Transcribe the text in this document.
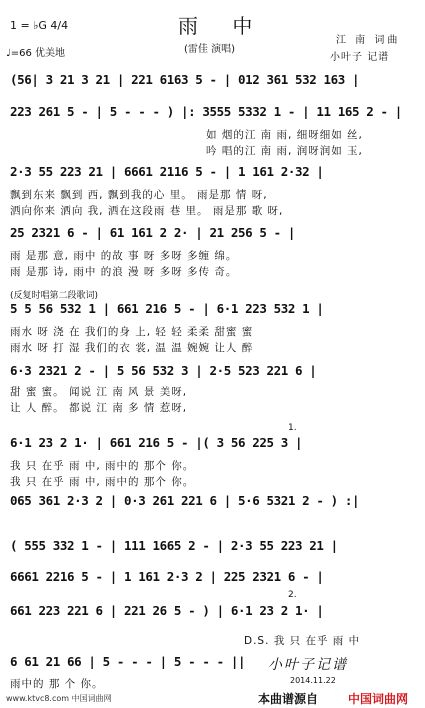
雨 中
(雷佳 演唱)
1 = ♭G 4/4
♩=66 优美地
江 南 词曲
小叶子 记谱
(56| 3 21 3 21 | 221 6163 5 - | 012 361 532 163 |
223 261 5 - | 5 - - - ) |: 3555 5332 1 - | 11 165 2 - |
2·3 55 223 21 | 6661 2116 5 - | 1 161 2·32 |
25 2321 6 - | 61 161 2 2· | 21 256 5 - |
5 5 56 532 1 | 661 216 5 - | 6·1 223 532 1 |
6·3 2321 2 - | 5 56 532 3 | 2·5 523 221 6 |
6·1 23 2 1· | 661 216 5 - |( 3 56 225 3 |
065 361 2·3 2 | 0·3 261 221 6 | 5·6 5321 2 - ) :|
( 555 332 1 - | 111 1665 2 - | 2·3 55 223 21 |
6661 2216 5 - | 1 161 2·3 2 | 225 2321 6 - |
661 223 221 6 | 221 26 5 - ) | 6·1 23 2 1· |
6 61 21 66 | 5 - - - | 5 - - - ||
如 烟的江 南 雨, 细呀细如 丝,
吟 唱的江 南 雨, 润呀润如 玉,
飘到东来 飘到 西, 飘到我的心 里。 雨是那 情 呀,
洒向你来 洒向 我, 洒在这段雨 巷 里。 雨是那 歌 呀,
雨 是那 意, 雨中 的故 事 呀 多呀 多缠 绵。
雨 是那 诗, 雨中 的浪 漫 呀 多呀 多传 奇。
雨水 呀 浇 在 我们的身 上, 轻 轻 柔柔 甜蜜 蜜
雨水 呀 打 湿 我们的衣 裳, 温 温 婉婉 让人 醉
甜 蜜 蜜。 闻说 江 南 风 景 美呀,
让 人 醉。 都说 江 南 多 情 惹呀,
我 只 在乎 雨 中, 雨中的 那个 你。
我 只 在乎 雨 中, 雨中的 那个 你。
D.S. 我 只 在乎 雨 中
雨中的 那 个 你。
(反复时唱第二段歌词)
1.
2.
小叶子记谱
2014.11.22
www.ktvc8.com 中国词曲网	本曲谱源自 中国词曲网
